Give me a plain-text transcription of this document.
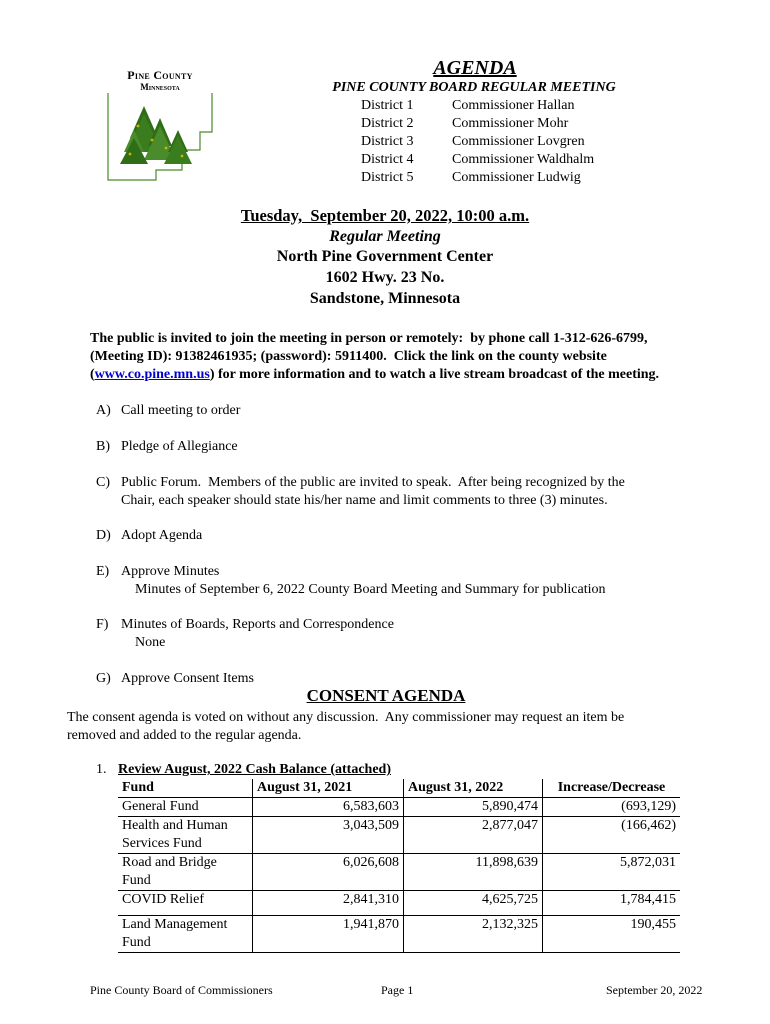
Pine County
Minnesota
AGENDA
PINE COUNTY BOARD REGULAR MEETING
District 1	Commissioner Hallan
District 2	Commissioner Mohr
District 3	Commissioner Lovgren
District 4	Commissioner Waldhalm
District 5	Commissioner Ludwig
Tuesday,  September 20, 2022, 10:00 a.m.
Regular Meeting
North Pine Government Center
1602 Hwy. 23 No.
Sandstone, Minnesota
The public is invited to join the meeting in person or remotely:  by phone call 1-312-626-6799,
(Meeting ID): 91382461935; (password): 5911400.  Click the link on the county website
(www.co.pine.mn.us) for more information and to watch a live stream broadcast of the meeting.
A) Call meeting to order
B) Pledge of Allegiance
C) Public Forum.  Members of the public are invited to speak.  After being recognized by the
Chair, each speaker should state his/her name and limit comments to three (3) minutes.
D) Adopt Agenda
E) Approve Minutes
Minutes of September 6, 2022 County Board Meeting and Summary for publication
F) Minutes of Boards, Reports and Correspondence
None
G) Approve Consent Items
CONSENT AGENDA
The consent agenda is voted on without any discussion.  Any commissioner may request an item be
removed and added to the regular agenda.
1. Review August, 2022 Cash Balance (attached)
Fund	August 31, 2021	August 31, 2022	Increase/Decrease
General Fund	6,583,603	5,890,474	(693,129)
Health and Human Services Fund	3,043,509	2,877,047	(166,462)
Road and Bridge Fund	6,026,608	11,898,639	5,872,031
COVID Relief	2,841,310	4,625,725	1,784,415
Land Management Fund	1,941,870	2,132,325	190,455
Pine County Board of Commissioners	Page 1	September 20, 2022
